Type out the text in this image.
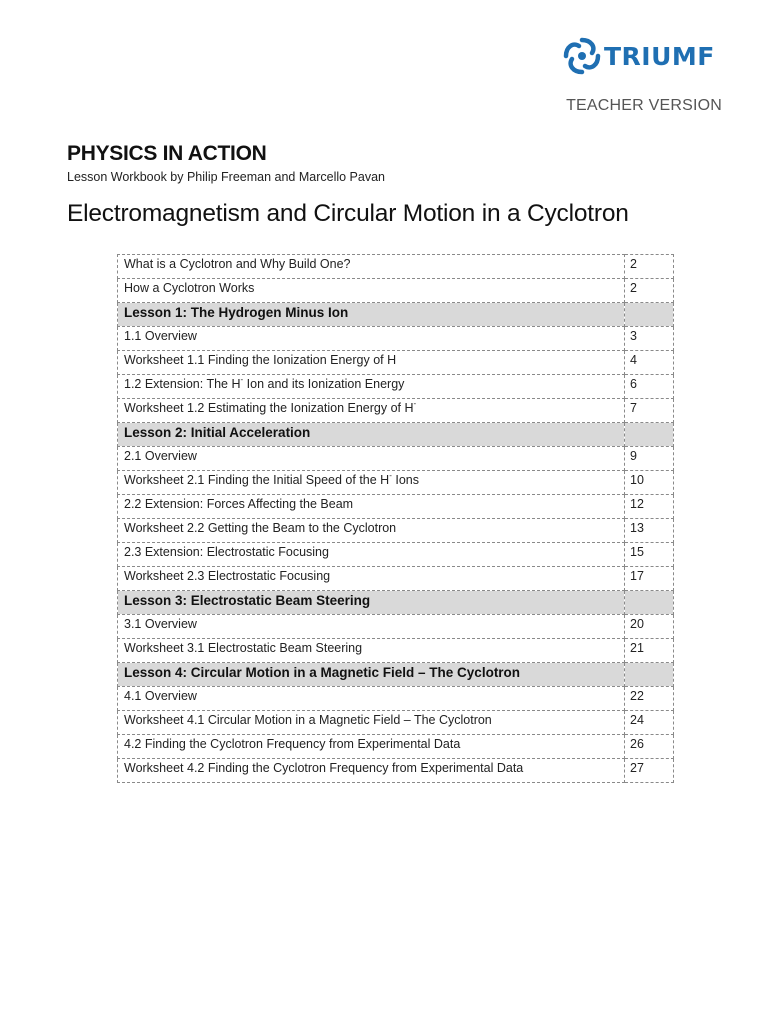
TRIUMF
TEACHER VERSION
PHYSICS IN ACTION
Lesson Workbook by Philip Freeman and Marcello Pavan
Electromagnetism and Circular Motion in a Cyclotron
What is a Cyclotron and Why Build One?	2
How a Cyclotron Works	2
Lesson 1: The Hydrogen Minus Ion	
1.1 Overview	3
Worksheet 1.1 Finding the Ionization Energy of H	4
1.2 Extension: The H- Ion and its Ionization Energy	6
Worksheet 1.2 Estimating the Ionization Energy of H-	7
Lesson 2: Initial Acceleration	
2.1 Overview	9
Worksheet 2.1 Finding the Initial Speed of the H- Ions	10
2.2 Extension: Forces Affecting the Beam	12
Worksheet 2.2 Getting the Beam to the Cyclotron	13
2.3 Extension: Electrostatic Focusing	15
Worksheet 2.3 Electrostatic Focusing	17
Lesson 3: Electrostatic Beam Steering	
3.1 Overview	20
Worksheet 3.1 Electrostatic Beam Steering	21
Lesson 4: Circular Motion in a Magnetic Field – The Cyclotron	
4.1 Overview	22
Worksheet 4.1 Circular Motion in a Magnetic Field – The Cyclotron	24
4.2 Finding the Cyclotron Frequency from Experimental Data	26
Worksheet 4.2 Finding the Cyclotron Frequency from Experimental Data	27
